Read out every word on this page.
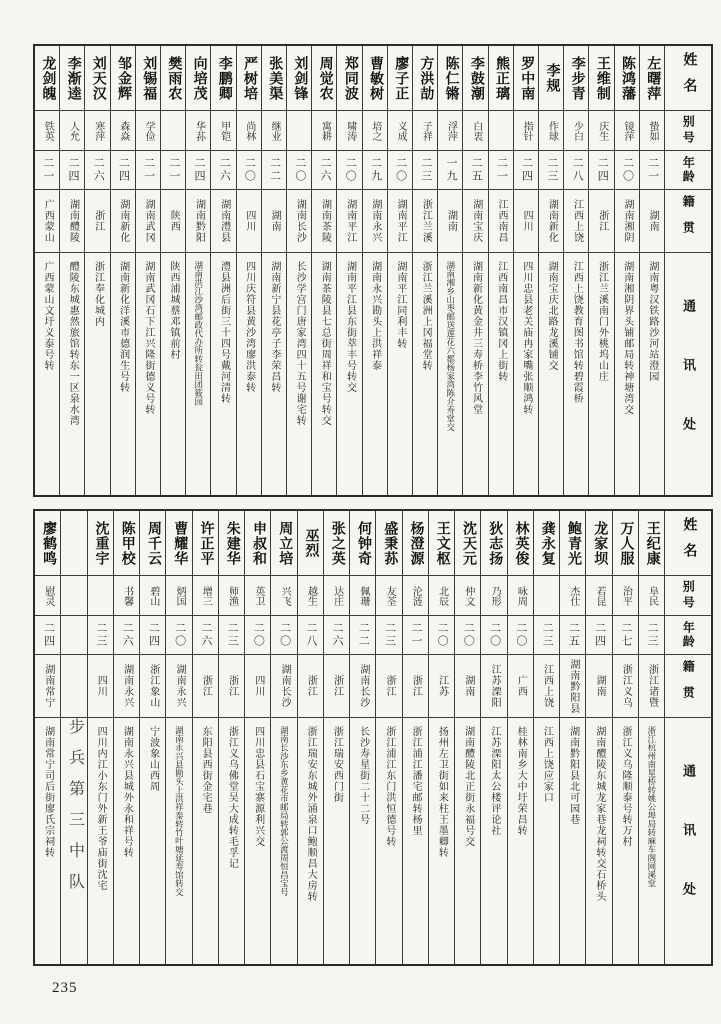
姓名
别号
年龄
籍贯
通讯处
左曙萍
蛰如
二一
湖南
湖南粤汉铁路沙河站澄园
陈鸿藩
镜萍
二〇
湖南湘阴
湖南湘阴界头铺邮局转神塘湾交
王维制
庆生
二四
浙江
浙江兰溪南门外桃坞山庄
李步青
少白
二八
江西上饶
江西上饶教育图书馆转碧霞桥
李规
作球
二三
湖南新化
湖南宝庆北路龙溪铺交
罗中南
指针
二四
四川
四川忠县老关庙冉家嘴张顺鸿转
熊正璃
二一
江西南昌
江西南昌市汉镇冈上街转
李鼓潮
白衷
二五
湖南宝庆
湖南新化黄金井三寿桥李竹风堂
陈仁锵
浮萍
一九
湖南
湖南湘乡山枣邮送莲花六都杨家湾陈介寿堂交
方洪劼
子祥
二三
浙江兰溪
浙江兰溪洲上冈福堂转
廖子正
义成
二〇
湖南平江
湖南平江同利丰转
曹敏树
培之
二九
湖南永兴
湖南永兴勘头上洪祥泰
郑同波
啸涛
二〇
湖南平江
湖南平江县东街萃丰号转交
周觉农
寓耕
二六
湖南茶陵
湖南茶陵县七总街周祥和宝号转交
刘剑锋
二〇
湖南长沙
长沙学宫门唐家湾四十五号谢宅转
张美渠
继业
二二
湖南
湖南新宁县花亭子李荣昌转
严树培
尚林
二〇
四川
四川庆符县黄沙湾廖洪泰转
李鹏卿
甲铠
二六
湖南澧县
澧县洲后街三十四号戴河清转
向培茂
华荪
二四
湖南黔阳
湖南洪江沙湾邮政代办所转瓮田团筱园
樊雨农
二一
陕西
陕西浦城蔡邓镇前村
刘锡福
学俭
二一
湖南武冈
湖南武冈石下江兴隆街德义号转
邹金辉
森焱
二四
湖南新化
湖南新化洋溪市德润生号转
刘天汉
寒萍
二六
浙江
浙江奉化城内
李渐逵
人允
二四
湖南醴陵
醴陵东城惠然旅馆转东一区泉水湾
龙剑魄
铁英
二一
广西蒙山
广西蒙山文圩义泰号转
姓名
别号
年龄
籍贯
通讯处
王纪康
阜民
二三
浙江诸暨
浙江杭州南星桥转姚公埠局转麻车阁网溪堂
万人服
治平
二七
浙江义乌
浙江义乌隆顺泰号转万村
龙家坝
若昆
二四
湖南
湖南醴陵东城龙家巷龙祠转交石桥头
鲍青光
杰仕
二五
湖南黔阳县
湖南黔阳县北可园巷
龚永复
二三
江西上饶
江西上饶应家口
林英俊
咏周
二〇
广西
桂林南乡大中圩荣昌转
狄志扬
乃形
二〇
江苏溧阳
江苏溧阳太公楼评论社
沈天元
仲文
二〇
湖南
湖南醴陵北正街永福号交
王文枢
北辰
二〇
江苏
扬州左卫街如来柱王墨卿转
杨澄源
沦涟
二一
浙江
浙江浦江潘宅邮转杨里
盛秉荪
友荃
二三
浙江
浙江浦江东门洪恒德号转
何钟奇
佩珊
二二
湖南长沙
长沙寿星街二十二号
张之英
达庄
二六
浙江
浙江瑞安西门街
巫烈
越生
二八
浙江
浙江瑞安东城外涌泉口鲍顺昌大房转
周立培
兴飞
二〇
湖南长沙
湖南长沙东乡黄花市邮局转郭公渡周恒昌宝号
申叔和
英卫
二〇
四川
四川忠县石宝寨源利兴交
朱建华
师渔
二三
浙江
浙江义乌佛堂吴大成转毛孚记
许正平
增三
二六
浙江
东阳县西街金宅巷
曹耀华
炳国
二〇
湖南永兴
湖南永兴县勘头上洪祥泰转竹叶塘延寿馆转交
周千云
碧山
二四
浙江象山
宁波象山西周
陈甲校
书馨
二六
湖南永兴
湖南永兴县城外永和祥号转
沈重宇
二三
四川
四川内江小东门外新王爷庙街沈宅
步兵第三中队
廖鹤鸣
慰灵
二四
湖南常宁
湖南常宁司后街廖氏宗祠转
235
